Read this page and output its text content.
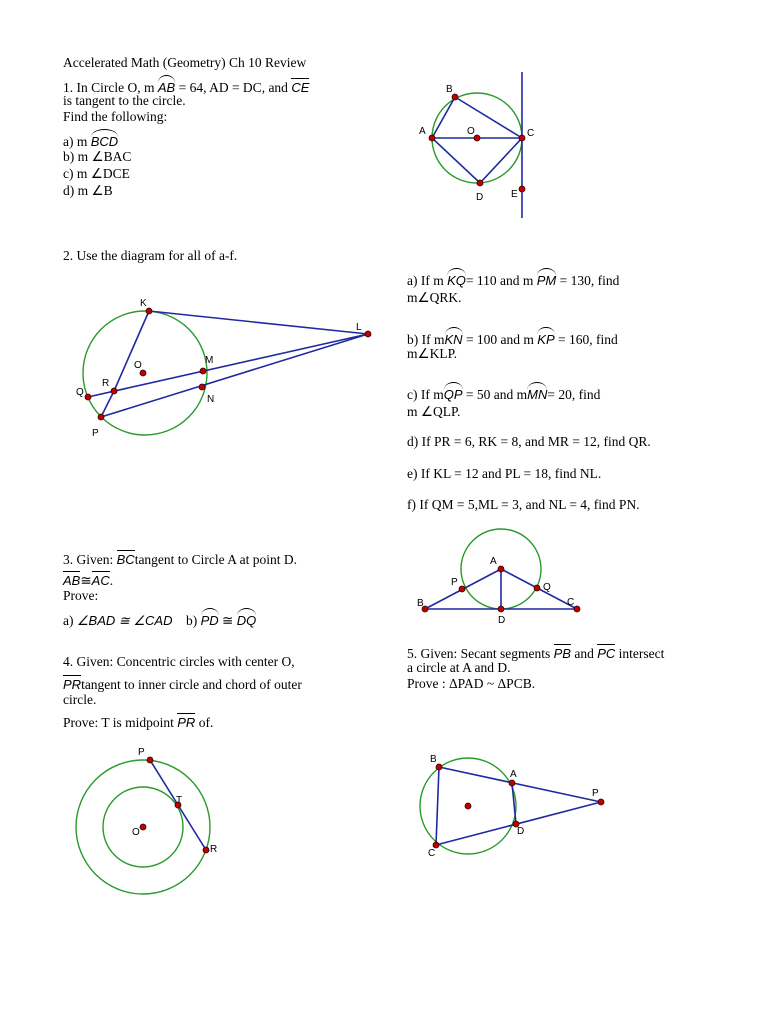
Accelerated Math (Geometry) Ch 10 Review
1. In Circle O, m AB = 64, AD = DC, and CE
is tangent to the circle.
Find the following:
a) m BCD
b) m ∠BAC
c) m ∠DCE
d) m ∠B
B
A	O	C
D	E
2. Use the diagram for all of a-f.
a) If m KQ= 110 and m PM = 130, find
m∠QRK.
b) If mKN = 100 and m KP = 160, find
m∠KLP.
c) If mQP = 50 and mMN= 20, find
m ∠QLP.
d) If PR = 6, RK = 8, and MR = 12, find QR.
e) If KL = 12 and PL = 18, find NL.
f) If QM = 5,ML = 3, and NL = 4, find PN.
K
O	M
L
R
Q
N
P
3. Given: BCtangent to Circle A at point D.
AB≅AC.
Prove:
a) ∠BAD ≅ ∠CAD b) PD ≅ DQ
A
P	Q
B
D
C
4. Given: Concentric circles with center O,
PRtangent to inner circle and chord of outer
circle.
Prove: T is midpoint PR of.
P
T
O
R
5. Given: Secant segments PB and PC intersect
a circle at A and D.
Prove : ΔPAD ~ ΔPCB.
B
A
P
D
C
